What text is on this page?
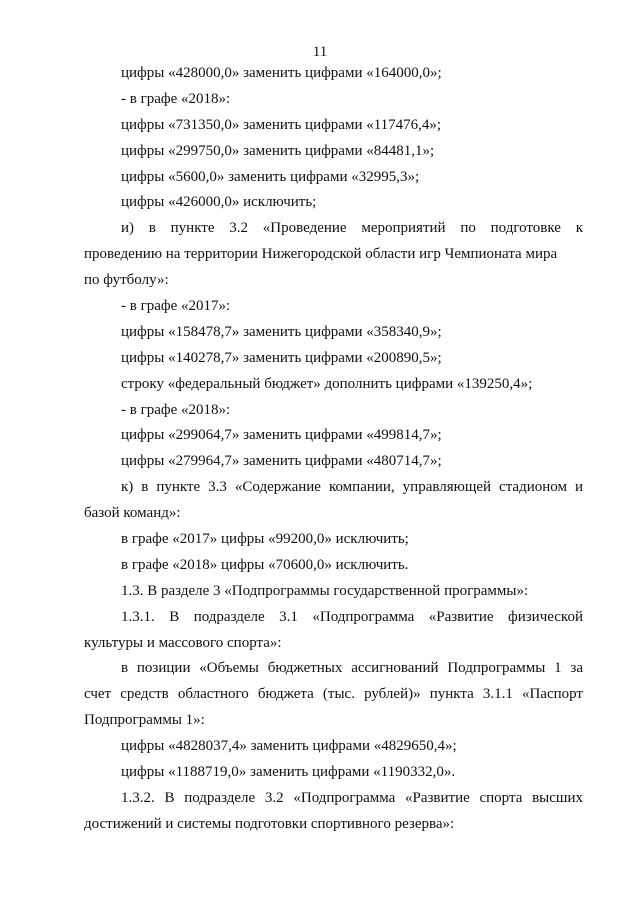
11
цифры «428000,0» заменить цифрами «164000,0»;
- в графе «2018»:
цифры «731350,0» заменить цифрами «117476,4»;
цифры «299750,0» заменить цифрами «84481,1»;
цифры «5600,0» заменить цифрами «32995,3»;
цифры «426000,0» исключить;
и) в пункте 3.2 «Проведение мероприятий по подготовке к
проведению на территории Нижегородской области игр Чемпионата мира
по футболу»:
- в графе «2017»:
цифры «158478,7» заменить цифрами «358340,9»;
цифры «140278,7» заменить цифрами «200890,5»;
строку «федеральный бюджет» дополнить цифрами «139250,4»;
- в графе «2018»:
цифры «299064,7» заменить цифрами «499814,7»;
цифры «279964,7» заменить цифрами «480714,7»;
к) в пункте 3.3 «Содержание компании, управляющей стадионом и
базой команд»:
в графе «2017» цифры «99200,0» исключить;
в графе «2018» цифры «70600,0» исключить.
1.3. В разделе 3 «Подпрограммы государственной программы»:
1.3.1. В подразделе 3.1 «Подпрограмма «Развитие физической
культуры и массового спорта»:
в позиции «Объемы бюджетных ассигнований Подпрограммы 1 за
счет средств областного бюджета (тыс. рублей)» пункта 3.1.1 «Паспорт
Подпрограммы 1»:
цифры «4828037,4» заменить цифрами «4829650,4»;
цифры «1188719,0» заменить цифрами «1190332,0».
1.3.2. В подразделе 3.2 «Подпрограмма «Развитие спорта высших
достижений и системы подготовки спортивного резерва»:
